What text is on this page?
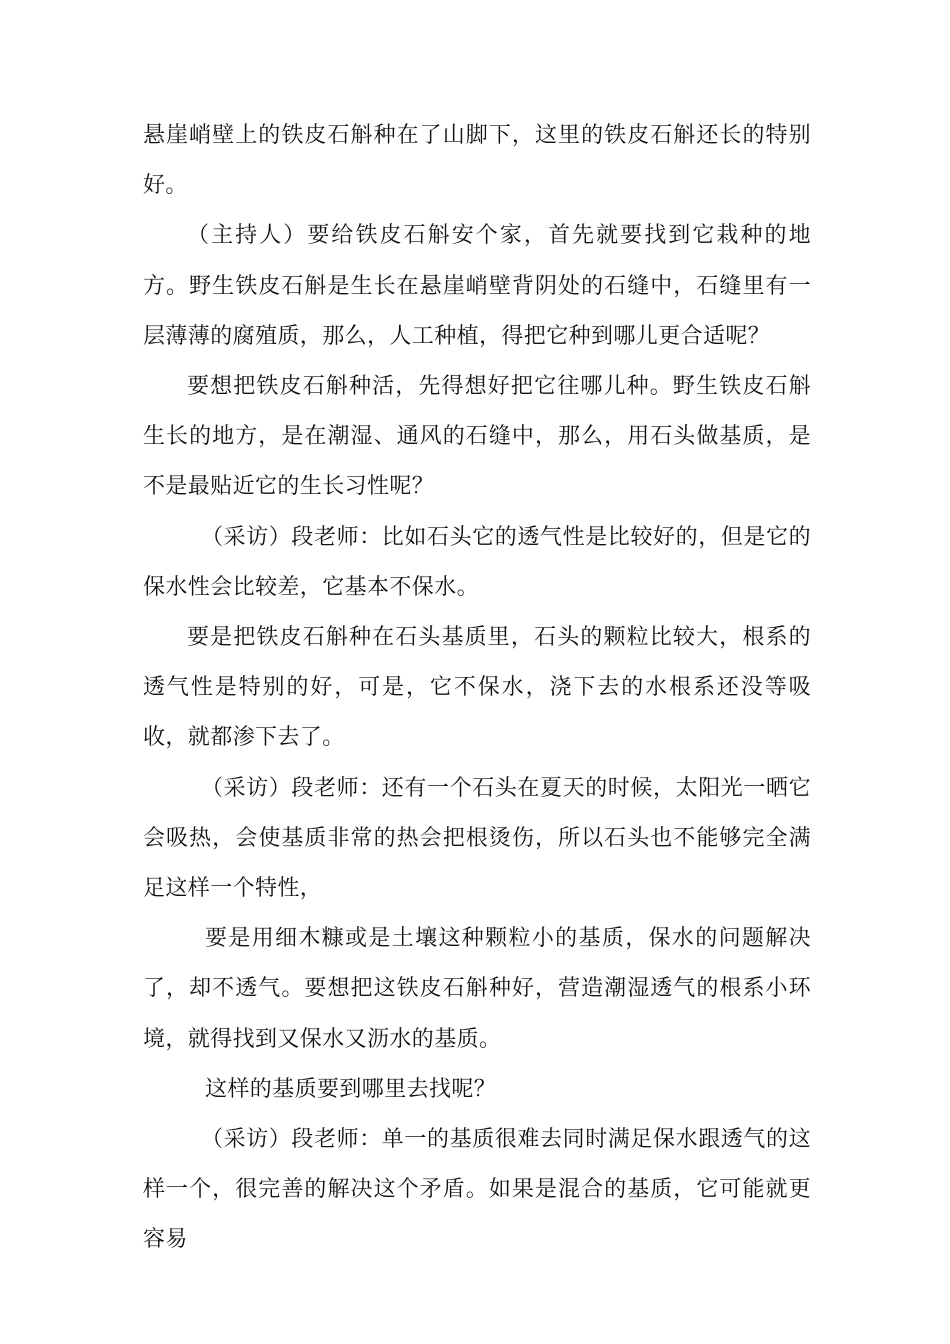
悬崖峭壁上的铁皮石斛种在了山脚下，这里的铁皮石斛还长的特别好。

（主持人）要给铁皮石斛安个家，首先就要找到它栽种的地方。野生铁皮石斛是生长在悬崖峭壁背阴处的石缝中，石缝里有一层薄薄的腐殖质，那么，人工种植，得把它种到哪儿更合适呢？

要想把铁皮石斛种活，先得想好把它往哪儿种。野生铁皮石斛生长的地方，是在潮湿、通风的石缝中，那么，用石头做基质，是不是最贴近它的生长习性呢？

（采访）段老师：比如石头它的透气性是比较好的，但是它的保水性会比较差，它基本不保水。

要是把铁皮石斛种在石头基质里，石头的颗粒比较大，根系的透气性是特别的好，可是，它不保水，浇下去的水根系还没等吸收，就都渗下去了。

（采访）段老师：还有一个石头在夏天的时候，太阳光一晒它会吸热，会使基质非常的热会把根烫伤，所以石头也不能够完全满足这样一个特性，

要是用细木糠或是土壤这种颗粒小的基质，保水的问题解决了，却不透气。要想把这铁皮石斛种好，营造潮湿透气的根系小环境，就得找到又保水又沥水的基质。

这样的基质要到哪里去找呢？

（采访）段老师：单一的基质很难去同时满足保水跟透气的这样一个，很完善的解决这个矛盾。如果是混合的基质，它可能就更容易
